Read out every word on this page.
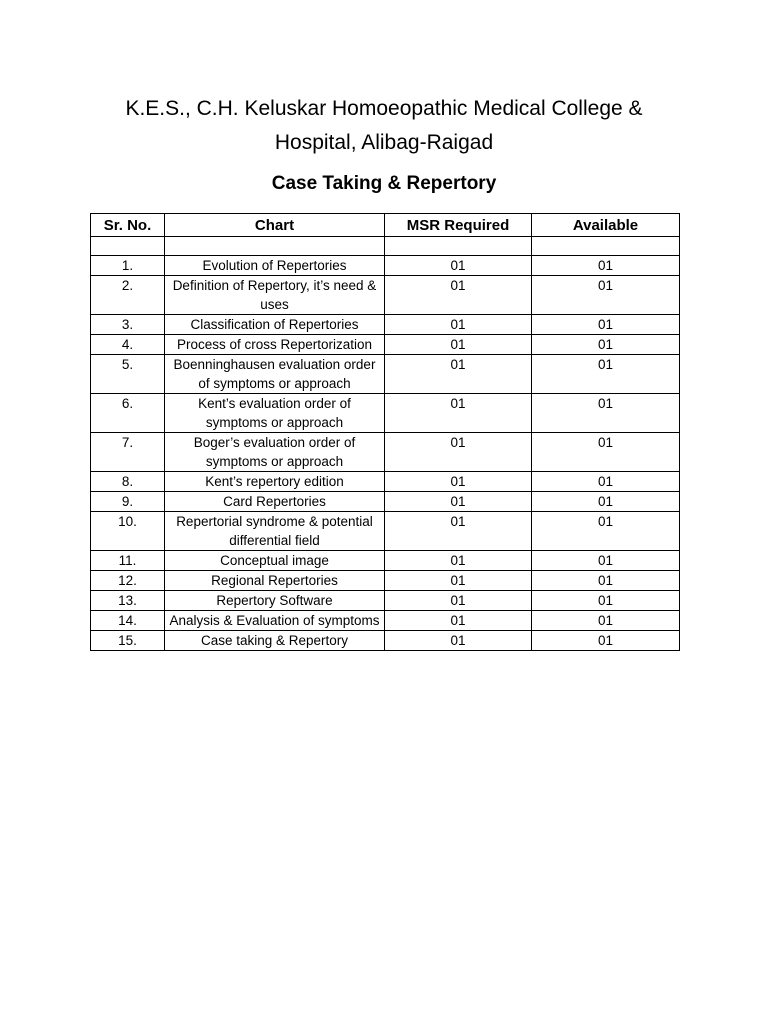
K.E.S., C.H. Keluskar Homoeopathic Medical College &
Hospital, Alibag-Raigad
Case Taking & Repertory
Sr. No.	Chart	MSR Required	Available

1.	Evolution of Repertories	01	01
2.	Definition of Repertory, it’s need & uses	01	01
3.	Classification of Repertories	01	01
4.	Process of cross Repertorization	01	01
5.	Boenninghausen evaluation order of symptoms or approach	01	01
6.	Kent’s evaluation order of symptoms or approach	01	01
7.	Boger’s evaluation order of symptoms or approach	01	01
8.	Kent’s repertory edition	01	01
9.	Card Repertories	01	01
10.	Repertorial syndrome & potential differential field	01	01
11.	Conceptual image	01	01
12.	Regional Repertories	01	01
13.	Repertory Software	01	01
14.	Analysis & Evaluation of symptoms	01	01
15.	Case taking & Repertory	01	01
